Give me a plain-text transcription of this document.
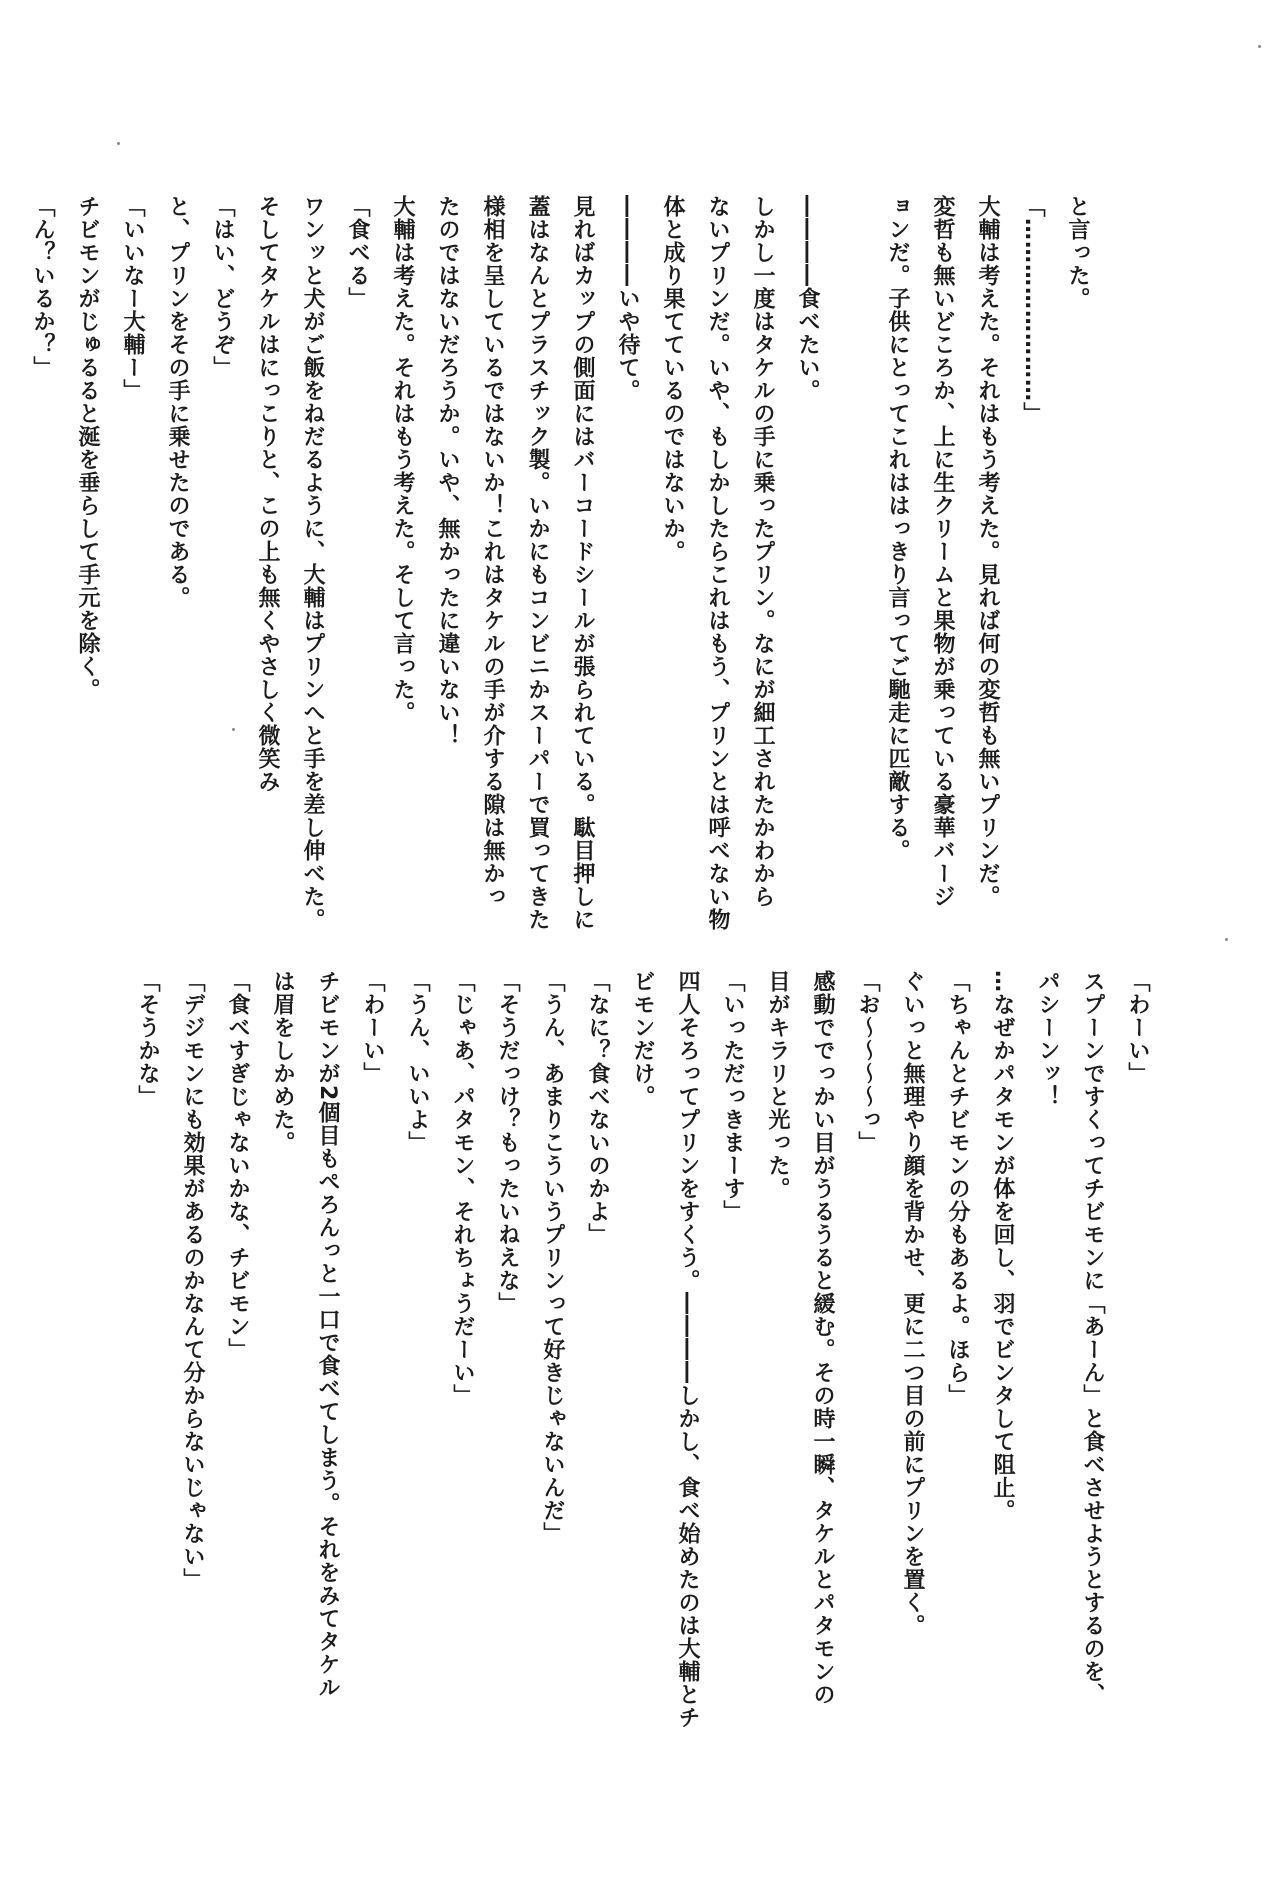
と言った。

「……………………」

大輔は考えた。それはもう考えた。見れば何の変哲も無いプリンだ。

変哲も無いどころか、上に生クリームと果物が乗っている豪華バージ

ョンだ。子供にとってこれははっきり言ってご馳走に匹敵する。

――――食べたい。

しかし一度はタケルの手に乗ったプリン。なにが細工されたかわから

ないプリンだ。いや、もしかしたらこれはもう、プリンとは呼べない物

体と成り果てているのではないか。

――――いや待て。

見ればカップの側面にはバーコードシールが張られている。駄目押しに

蓋はなんとプラスチック製。いかにもコンビニかスーパーで買ってきた

様相を呈しているではないか！これはタケルの手が介する隙は無かっ

たのではないだろうか。いや、無かったに違いない！

大輔は考えた。それはもう考えた。そして言った。

「食べる」

ワンッと犬がご飯をねだるように、大輔はプリンへと手を差し伸べた。

そしてタケルはにっこりと、この上も無くやさしく微笑み

「はい、どうぞ」

と、プリンをその手に乗せたのである。

「いいなー大輔ー」

チビモンがじゅるると涎を垂らして手元を除く。

「ん？いるか？」

「わーい」

スプーンですくってチビモンに「あーん」と食べさせようとするのを、

パシーンッ！

…なぜかパタモンが体を回し、羽でビンタして阻止。

「ちゃんとチビモンの分もあるよ。ほら」

ぐいっと無理やり顔を背かせ、更に二つ目の前にプリンを置く。

「お～～～～っ」

感動ででっかい目がうるうると緩む。その時一瞬、タケルとパタモンの

目がキラリと光った。

「いっただっきまーす」

四人そろってプリンをすくう。――――しかし、食べ始めたのは大輔とチ

ビモンだけ。

「なに？食べないのかよ」

「うん、あまりこういうプリンって好きじゃないんだ」

「そうだっけ？もったいねえな」

「じゃあ、パタモン、それちょうだーい」

「うん、いいよ」

「わーい」

チビモンが2個目もぺろんっと一口で食べてしまう。それをみてタケル

は眉をしかめた。

「食べすぎじゃないかな、チビモン」

「デジモンにも効果があるのかなんて分からないじゃない」

「そうかな」
